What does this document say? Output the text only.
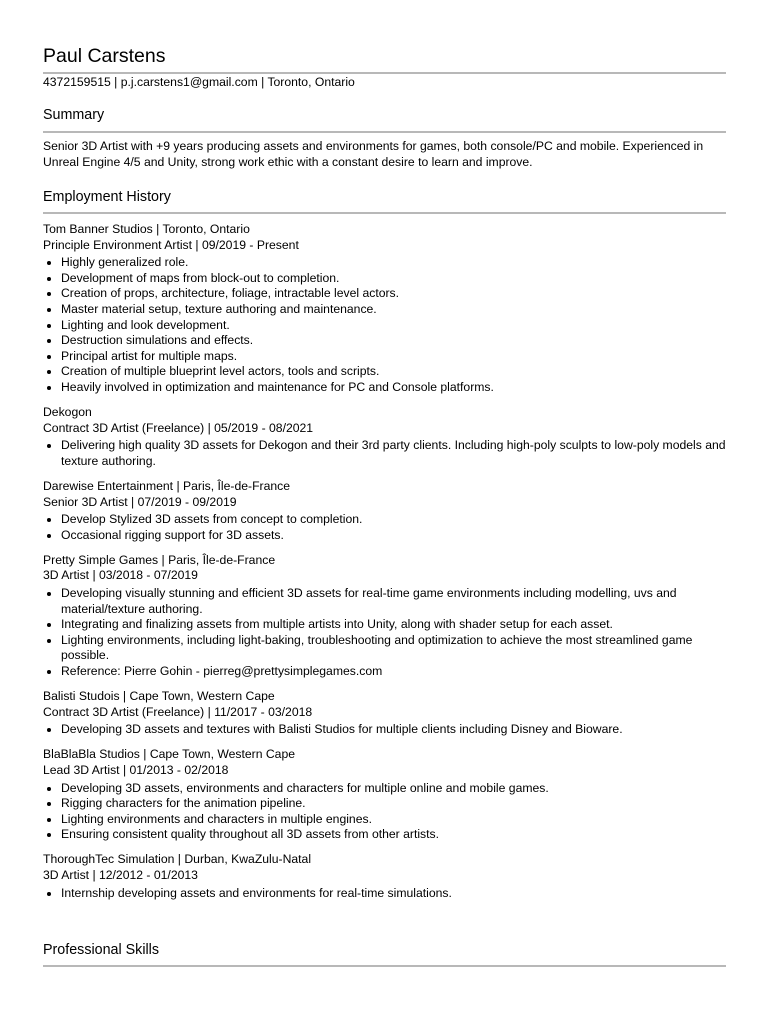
Paul Carstens
4372159515 | p.j.carstens1@gmail.com | Toronto, Ontario
Summary
Senior 3D Artist with +9 years producing assets and environments for games, both console/PC and mobile. Experienced in Unreal Engine 4/5 and Unity, strong work ethic with a constant desire to learn and improve.
Employment History
Tom Banner Studios | Toronto, Ontario
Principle Environment Artist | 09/2019 - Present
Highly generalized role.
Development of maps from block-out to completion.
Creation of props, architecture, foliage, intractable level actors.
Master material setup, texture authoring and maintenance.
Lighting and look development.
Destruction simulations and effects.
Principal artist for multiple maps.
Creation of multiple blueprint level actors, tools and scripts.
Heavily involved in optimization and maintenance for PC and Console platforms.
Dekogon
Contract 3D Artist (Freelance) | 05/2019 - 08/2021
Delivering high quality 3D assets for Dekogon and their 3rd party clients. Including high-poly sculpts to low-poly models and texture authoring.
Darewise Entertainment | Paris, Île-de-France
Senior 3D Artist | 07/2019 - 09/2019
Develop Stylized 3D assets from concept to completion.
Occasional rigging support for 3D assets.
Pretty Simple Games | Paris, Île-de-France
3D Artist | 03/2018 - 07/2019
Developing visually stunning and efficient 3D assets for real-time game environments including modelling, uvs and material/texture authoring.
Integrating and finalizing assets from multiple artists into Unity, along with shader setup for each asset.
Lighting environments, including light-baking, troubleshooting and optimization to achieve the most streamlined game possible.
Reference: Pierre Gohin - pierreg@prettysimplegames.com
Balisti Studois | Cape Town, Western Cape
Contract 3D Artist (Freelance) | 11/2017 - 03/2018
Developing 3D assets and textures with Balisti Studios for multiple clients including Disney and Bioware.
BlaBlaBla Studios | Cape Town, Western Cape
Lead 3D Artist | 01/2013 - 02/2018
Developing 3D assets, environments and characters for multiple online and mobile games.
Rigging characters for the animation pipeline.
Lighting environments and characters in multiple engines.
Ensuring consistent quality throughout all 3D assets from other artists.
ThoroughTec Simulation | Durban, KwaZulu-Natal
3D Artist | 12/2012 - 01/2013
Internship developing assets and environments for real-time simulations.
Professional Skills
